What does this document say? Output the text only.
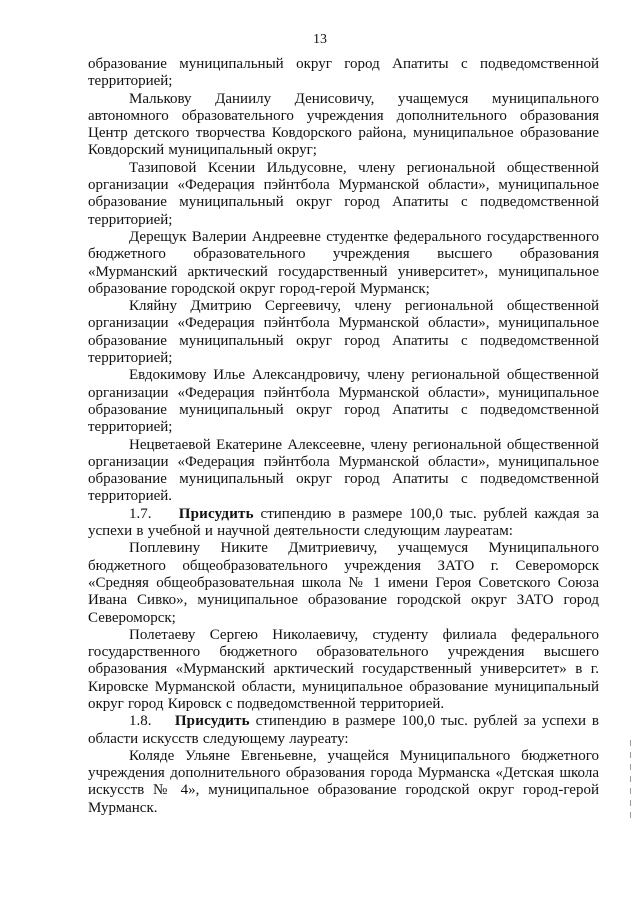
13

образование муниципальный округ город Апатиты с подведомственной территорией;

Малькову Даниилу Денисовичу, учащемуся муниципального автономного образовательного учреждения дополнительного образования Центр детского творчества Ковдорского района, муниципальное образование Ковдорский муниципальный округ;

Тазиповой Ксении Ильдусовне, члену региональной общественной организации «Федерация пэйнтбола Мурманской области», муниципальное образование муниципальный округ город Апатиты с подведомственной территорией;

Дерещук Валерии Андреевне студентке федерального государственного бюджетного образовательного учреждения высшего образования «Мурманский арктический государственный университет», муниципальное образование городской округ город-герой Мурманск;

Кляйну Дмитрию Сергеевичу, члену региональной общественной организации «Федерация пэйнтбола Мурманской области», муниципальное образование муниципальный округ город Апатиты с подведомственной территорией;

Евдокимову Илье Александровичу, члену региональной общественной организации «Федерация пэйнтбола Мурманской области», муниципальное образование муниципальный округ город Апатиты с подведомственной территорией;

Нецветаевой Екатерине Алексеевне, члену региональной общественной организации «Федерация пэйнтбола Мурманской области», муниципальное образование муниципальный округ город Апатиты с подведомственной территорией.

1.7. Присудить стипендию в размере 100,0 тыс. рублей каждая за успехи в учебной и научной деятельности следующим лауреатам:

Поплевину Никите Дмитриевичу, учащемуся Муниципального бюджетного общеобразовательного учреждения ЗАТО г. Североморск «Средняя общеобразовательная школа № 1 имени Героя Советского Союза Ивана Сивко», муниципальное образование городской округ ЗАТО город Североморск;

Полетаеву Сергею Николаевичу, студенту филиала федерального государственного бюджетного образовательного учреждения высшего образования «Мурманский арктический государственный университет» в г. Кировске Мурманской области, муниципальное образование муниципальный округ город Кировск с подведомственной территорией.

1.8. Присудить стипендию в размере 100,0 тыс. рублей за успехи в области искусств следующему лауреату:

Коляде Ульяне Евгеньевне, учащейся Муниципального бюджетного учреждения дополнительного образования города Мурманска «Детская школа искусств № 4», муниципальное образование городской округ город-герой Мурманск.
